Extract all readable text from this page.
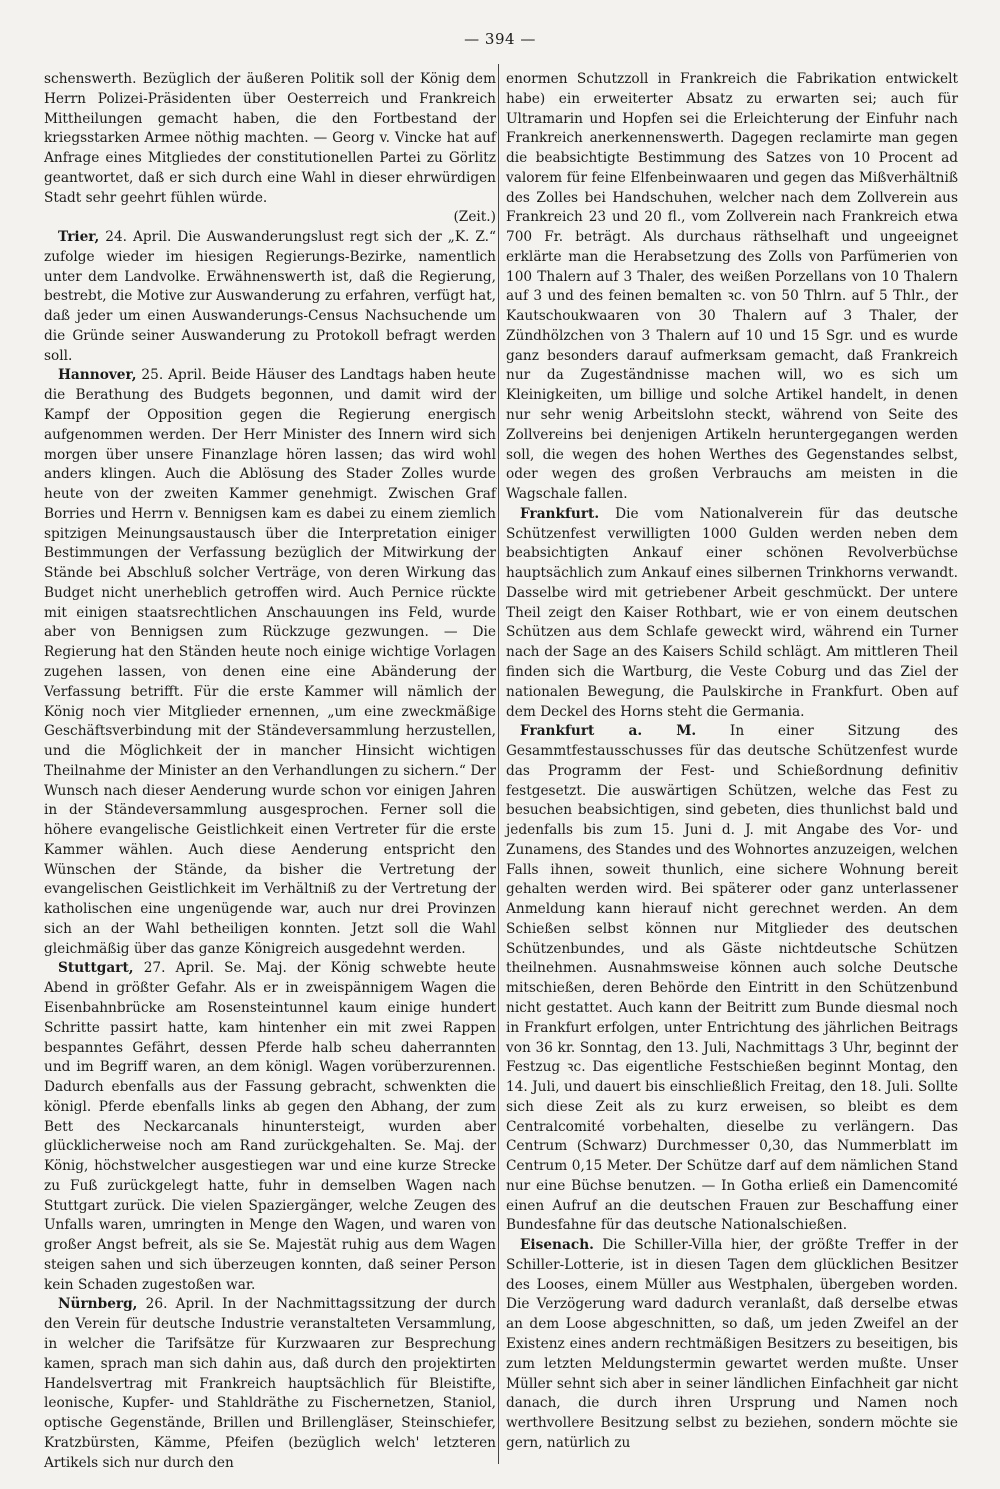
— 394 —

schenswerth. Bezüglich der äußeren Politik soll der König dem Herrn Polizei-Präsidenten über Oesterreich und Frankreich Mittheilungen gemacht haben, die den Fortbestand der kriegsstarken Armee nöthig machten. — Georg v. Vincke hat auf Anfrage eines Mitgliedes der constitutionellen Partei zu Görlitz geantwortet, daß er sich durch eine Wahl in dieser ehrwürdigen Stadt sehr geehrt fühlen würde.

(Zeit.)

Trier, 24. April. Die Auswanderungslust regt sich der „K. Z.“ zufolge wieder im hiesigen Regierungs-Bezirke, namentlich unter dem Landvolke. Erwähnenswerth ist, daß die Regierung, bestrebt, die Motive zur Auswanderung zu erfahren, verfügt hat, daß jeder um einen Auswanderungs-Census Nachsuchende um die Gründe seiner Auswanderung zu Protokoll befragt werden soll.

Hannover, 25. April. Beide Häuser des Landtags haben heute die Berathung des Budgets begonnen, und damit wird der Kampf der Opposition gegen die Regierung energisch aufgenommen werden. Der Herr Minister des Innern wird sich morgen über unsere Finanzlage hören lassen; das wird wohl anders klingen. Auch die Ablösung des Stader Zolles wurde heute von der zweiten Kammer genehmigt. Zwischen Graf Borries und Herrn v. Bennigsen kam es dabei zu einem ziemlich spitzigen Meinungsaustausch über die Interpretation einiger Bestimmungen der Verfassung bezüglich der Mitwirkung der Stände bei Abschluß solcher Verträge, von deren Wirkung das Budget nicht unerheblich getroffen wird. Auch Pernice rückte mit einigen staatsrechtlichen Anschauungen ins Feld, wurde aber von Bennigsen zum Rückzuge gezwungen. — Die Regierung hat den Ständen heute noch einige wichtige Vorlagen zugehen lassen, von denen eine eine Abänderung der Verfassung betrifft. Für die erste Kammer will nämlich der König noch vier Mitglieder ernennen, „um eine zweckmäßige Geschäftsverbindung mit der Ständeversammlung herzustellen, und die Möglichkeit der in mancher Hinsicht wichtigen Theilnahme der Minister an den Verhandlungen zu sichern.“ Der Wunsch nach dieser Aenderung wurde schon vor einigen Jahren in der Ständeversammlung ausgesprochen. Ferner soll die höhere evangelische Geistlichkeit einen Vertreter für die erste Kammer wählen. Auch diese Aenderung entspricht den Wünschen der Stände, da bisher die Vertretung der evangelischen Geistlichkeit im Verhältniß zu der Vertretung der katholischen eine ungenügende war, auch nur drei Provinzen sich an der Wahl betheiligen konnten. Jetzt soll die Wahl gleichmäßig über das ganze Königreich ausgedehnt werden.

Stuttgart, 27. April. Se. Maj. der König schwebte heute Abend in größter Gefahr. Als er in zweispännigem Wagen die Eisenbahnbrücke am Rosensteintunnel kaum einige hundert Schritte passirt hatte, kam hintenher ein mit zwei Rappen bespanntes Gefährt, dessen Pferde halb scheu daherrannten und im Begriff waren, an dem königl. Wagen vorüberzurennen. Dadurch ebenfalls aus der Fassung gebracht, schwenkten die königl. Pferde ebenfalls links ab gegen den Abhang, der zum Bett des Neckarcanals hinuntersteigt, wurden aber glücklicherweise noch am Rand zurückgehalten. Se. Maj. der König, höchstwelcher ausgestiegen war und eine kurze Strecke zu Fuß zurückgelegt hatte, fuhr in demselben Wagen nach Stuttgart zurück. Die vielen Spaziergänger, welche Zeugen des Unfalls waren, umringten in Menge den Wagen, und waren von großer Angst befreit, als sie Se. Majestät ruhig aus dem Wagen steigen sahen und sich überzeugen konnten, daß seiner Person kein Schaden zugestoßen war.

Nürnberg, 26. April. In der Nachmittagssitzung der durch den Verein für deutsche Industrie veranstalteten Versammlung, in welcher die Tarifsätze für Kurzwaaren zur Besprechung kamen, sprach man sich dahin aus, daß durch den projektirten Handelsvertrag mit Frankreich hauptsächlich für Bleistifte, leonische, Kupfer- und Stahldräthe zu Fischernetzen, Staniol, optische Gegenstände, Brillen und Brillengläser, Steinschiefer, Kratzbürsten, Kämme, Pfeifen (bezüglich welch' letzteren Artikels sich nur durch den

enormen Schutzzoll in Frankreich die Fabrikation entwickelt habe) ein erweiterter Absatz zu erwarten sei; auch für Ultramarin und Hopfen sei die Erleichterung der Einfuhr nach Frankreich anerkennenswerth. Dagegen reclamirte man gegen die beabsichtigte Bestimmung des Satzes von 10 Procent ad valorem für feine Elfenbeinwaaren und gegen das Mißverhältniß des Zolles bei Handschuhen, welcher nach dem Zollverein aus Frankreich 23 und 20 fl., vom Zollverein nach Frankreich etwa 700 Fr. beträgt. Als durchaus räthselhaft und ungeeignet erklärte man die Herabsetzung des Zolls von Parfümerien von 100 Thalern auf 3 Thaler, des weißen Porzellans von 10 Thalern auf 3 und des feinen bemalten ꝛc. von 50 Thlrn. auf 5 Thlr., der Kautschoukwaaren von 30 Thalern auf 3 Thaler, der Zündhölzchen von 3 Thalern auf 10 und 15 Sgr. und es wurde ganz besonders darauf aufmerksam gemacht, daß Frankreich nur da Zugeständnisse machen will, wo es sich um Kleinigkeiten, um billige und solche Artikel handelt, in denen nur sehr wenig Arbeitslohn steckt, während von Seite des Zollvereins bei denjenigen Artikeln heruntergegangen werden soll, die wegen des hohen Werthes des Gegenstandes selbst, oder wegen des großen Verbrauchs am meisten in die Wagschale fallen.

Frankfurt. Die vom Nationalverein für das deutsche Schützenfest verwilligten 1000 Gulden werden neben dem beabsichtigten Ankauf einer schönen Revolverbüchse hauptsächlich zum Ankauf eines silbernen Trinkhorns verwandt. Dasselbe wird mit getriebener Arbeit geschmückt. Der untere Theil zeigt den Kaiser Rothbart, wie er von einem deutschen Schützen aus dem Schlafe geweckt wird, während ein Turner nach der Sage an des Kaisers Schild schlägt. Am mittleren Theil finden sich die Wartburg, die Veste Coburg und das Ziel der nationalen Bewegung, die Paulskirche in Frankfurt. Oben auf dem Deckel des Horns steht die Germania.

Frankfurt a. M. In einer Sitzung des Gesammtfestausschusses für das deutsche Schützenfest wurde das Programm der Fest- und Schießordnung definitiv festgesetzt. Die auswärtigen Schützen, welche das Fest zu besuchen beabsichtigen, sind gebeten, dies thunlichst bald und jedenfalls bis zum 15. Juni d. J. mit Angabe des Vor- und Zunamens, des Standes und des Wohnortes anzuzeigen, welchen Falls ihnen, soweit thunlich, eine sichere Wohnung bereit gehalten werden wird. Bei späterer oder ganz unterlassener Anmeldung kann hierauf nicht gerechnet werden. An dem Schießen selbst können nur Mitglieder des deutschen Schützenbundes, und als Gäste nichtdeutsche Schützen theilnehmen. Ausnahmsweise können auch solche Deutsche mitschießen, deren Behörde den Eintritt in den Schützenbund nicht gestattet. Auch kann der Beitritt zum Bunde diesmal noch in Frankfurt erfolgen, unter Entrichtung des jährlichen Beitrags von 36 kr. Sonntag, den 13. Juli, Nachmittags 3 Uhr, beginnt der Festzug ꝛc. Das eigentliche Festschießen beginnt Montag, den 14. Juli, und dauert bis einschließlich Freitag, den 18. Juli. Sollte sich diese Zeit als zu kurz erweisen, so bleibt es dem Centralcomité vorbehalten, dieselbe zu verlängern. Das Centrum (Schwarz) Durchmesser 0,30, das Nummerblatt im Centrum 0,15 Meter. Der Schütze darf auf dem nämlichen Stand nur eine Büchse benutzen. — In Gotha erließ ein Damencomité einen Aufruf an die deutschen Frauen zur Beschaffung einer Bundesfahne für das deutsche Nationalschießen.

Eisenach. Die Schiller-Villa hier, der größte Treffer in der Schiller-Lotterie, ist in diesen Tagen dem glücklichen Besitzer des Looses, einem Müller aus Westphalen, übergeben worden. Die Verzögerung ward dadurch veranlaßt, daß derselbe etwas an dem Loose abgeschnitten, so daß, um jeden Zweifel an der Existenz eines andern rechtmäßigen Besitzers zu beseitigen, bis zum letzten Meldungstermin gewartet werden mußte. Unser Müller sehnt sich aber in seiner ländlichen Einfachheit gar nicht danach, die durch ihren Ursprung und Namen noch werthvollere Besitzung selbst zu beziehen, sondern möchte sie gern, natürlich zu
